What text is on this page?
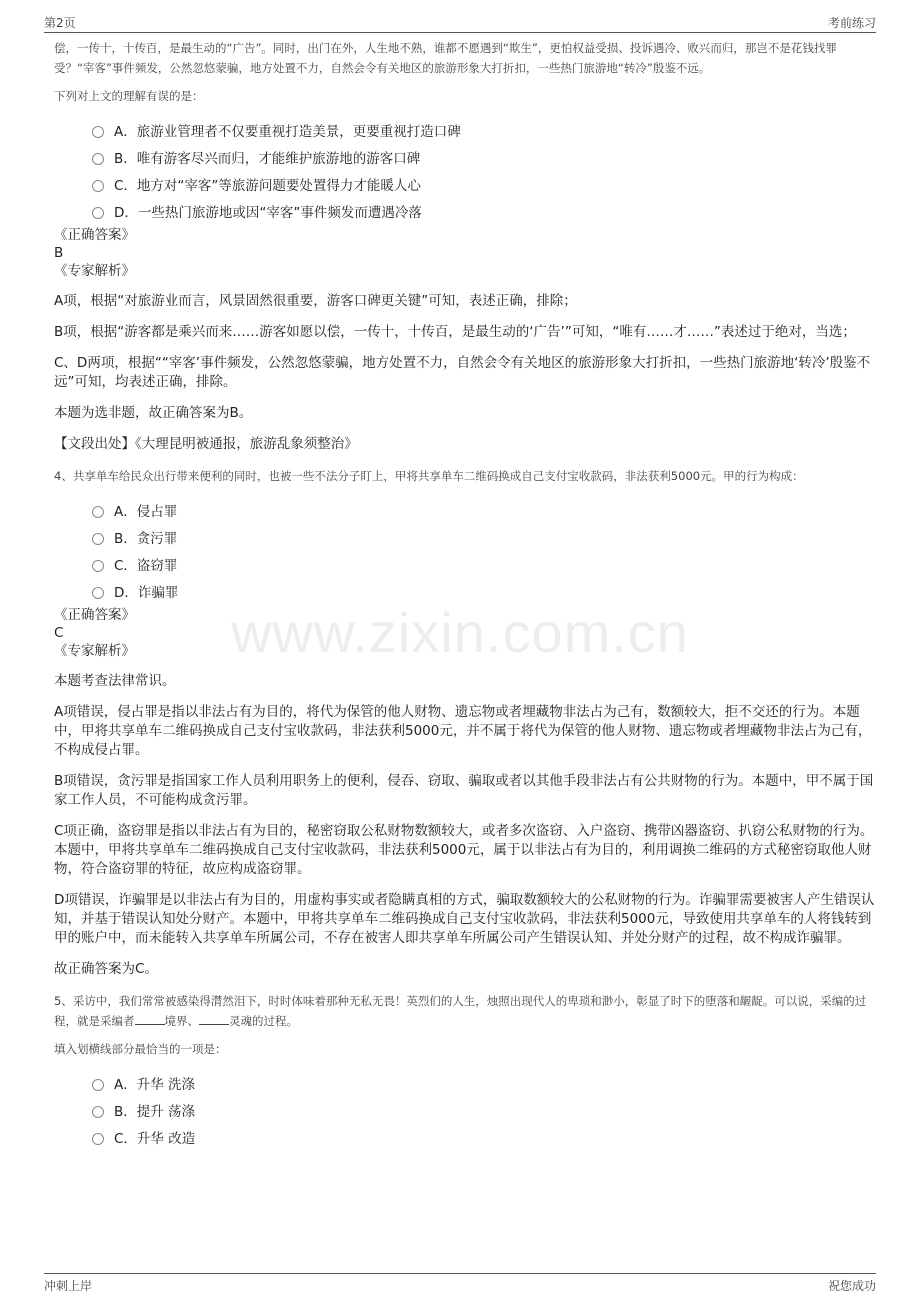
第2页	考前练习
www.zixin.com.cn
偿，一传十，十传百，是最生动的“广告”。同时，出门在外，人生地不熟，谁都不愿遇到“欺生”，更怕权益受损、投诉遇冷、败兴而归，那岂不是花钱找罪受？“宰客”事件频发，公然忽悠蒙骗，地方处置不力，自然会令有关地区的旅游形象大打折扣，一些热门旅游地“转冷”殷鉴不远。
下列对上文的理解有误的是：
A．旅游业管理者不仅要重视打造美景，更要重视打造口碑
B．唯有游客尽兴而归，才能维护旅游地的游客口碑
C．地方对“宰客”等旅游问题要处置得力才能暖人心
D．一些热门旅游地或因“宰客”事件频发而遭遇冷落
《正确答案》
B
《专家解析》
A项，根据“对旅游业而言，风景固然很重要，游客口碑更关键”可知，表述正确，排除；
B项，根据“游客都是乘兴而来……游客如愿以偿，一传十，十传百，是最生动的‘广告’”可知，“唯有……才……”表述过于绝对，当选；
C、D两项，根据““宰客’事件频发，公然忽悠蒙骗，地方处置不力，自然会令有关地区的旅游形象大打折扣，一些热门旅游地‘转冷’殷鉴不远”可知，均表述正确，排除。
本题为选非题，故正确答案为B。
【文段出处】《大理昆明被通报，旅游乱象须整治》
4、共享单车给民众出行带来便利的同时，也被一些不法分子盯上，甲将共享单车二维码换成自己支付宝收款码，非法获利5000元。甲的行为构成：
A．侵占罪
B．贪污罪
C．盗窃罪
D．诈骗罪
《正确答案》
C
《专家解析》
本题考查法律常识。
A项错误，侵占罪是指以非法占有为目的，将代为保管的他人财物、遗忘物或者埋藏物非法占为己有，数额较大，拒不交还的行为。本题中，甲将共享单车二维码换成自己支付宝收款码，非法获利5000元，并不属于将代为保管的他人财物、遗忘物或者埋藏物非法占为己有，不构成侵占罪。
B项错误，贪污罪是指国家工作人员利用职务上的便利，侵吞、窃取、骗取或者以其他手段非法占有公共财物的行为。本题中，甲不属于国家工作人员，不可能构成贪污罪。
C项正确，盗窃罪是指以非法占有为目的，秘密窃取公私财物数额较大，或者多次盗窃、入户盗窃、携带凶器盗窃、扒窃公私财物的行为。本题中，甲将共享单车二维码换成自己支付宝收款码，非法获利5000元，属于以非法占有为目的，利用调换二维码的方式秘密窃取他人财物，符合盗窃罪的特征，故应构成盗窃罪。
D项错误，诈骗罪是以非法占有为目的，用虚构事实或者隐瞒真相的方式，骗取数额较大的公私财物的行为。诈骗罪需要被害人产生错误认知，并基于错误认知处分财产。本题中，甲将共享单车二维码换成自己支付宝收款码，非法获利5000元，导致使用共享单车的人将钱转到甲的账户中，而未能转入共享单车所属公司，不存在被害人即共享单车所属公司产生错误认知、并处分财产的过程，故不构成诈骗罪。
故正确答案为C。
5、采访中，我们常常被感染得潸然泪下，时时体味着那种无私无畏！英烈们的人生，烛照出现代人的卑琐和渺小，彰显了时下的堕落和龌龊。可以说，采编的过程，就是采编者	境界、	灵魂的过程。
填入划横线部分最恰当的一项是：
A．升华 洗涤
B．提升 荡涤
C．升华 改造
冲刺上岸	祝您成功
